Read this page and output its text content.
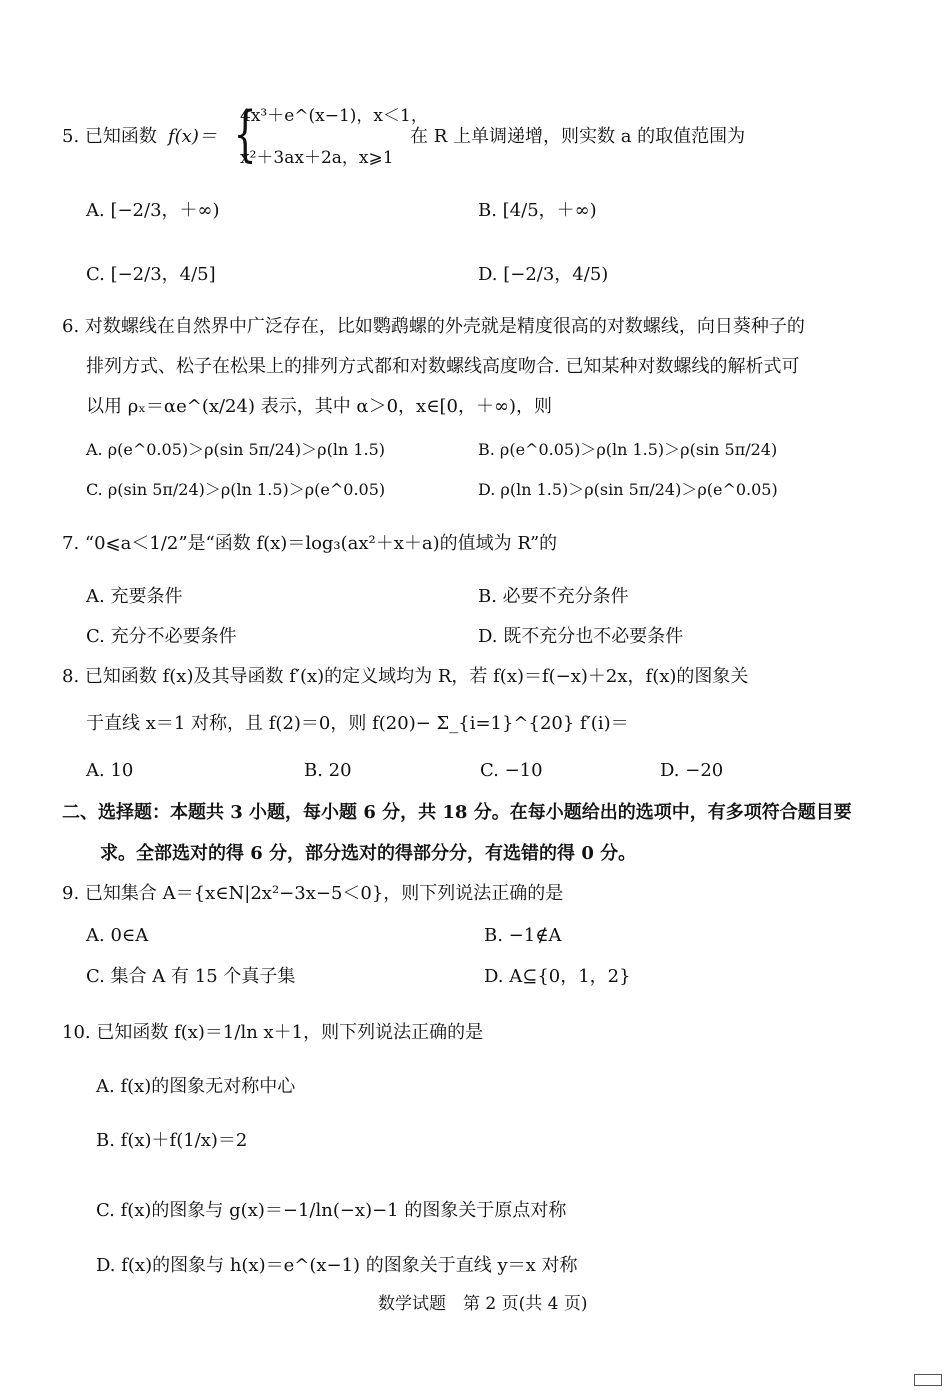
5. 已知函数 f(x)＝ {
4x³＋e^(x−1)，x＜1，
x²＋3ax＋2a，x⩾1
在 R 上单调递增，则实数 a 的取值范围为
A. [−2/3，＋∞)	B. [4/5，＋∞)
C. [−2/3，4/5]	D. [−2/3，4/5)
6. 对数螺线在自然界中广泛存在，比如鹦鹉螺的外壳就是精度很高的对数螺线，向日葵种子的
排列方式、松子在松果上的排列方式都和对数螺线高度吻合. 已知某种对数螺线的解析式可
以用 ρₓ＝αe^(x/24) 表示，其中 α＞0，x∈[0，＋∞)，则
A. ρ(e^0.05)＞ρ(sin 5π/24)＞ρ(ln 1.5)	B. ρ(e^0.05)＞ρ(ln 1.5)＞ρ(sin 5π/24)
C. ρ(sin 5π/24)＞ρ(ln 1.5)＞ρ(e^0.05)	D. ρ(ln 1.5)＞ρ(sin 5π/24)＞ρ(e^0.05)
7. “0⩽a＜1/2”是“函数 f(x)＝log₃(ax²＋x＋a)的值域为 R”的
A. 充要条件	B. 必要不充分条件
C. 充分不必要条件	D. 既不充分也不必要条件
8. 已知函数 f(x)及其导函数 f′(x)的定义域均为 R，若 f(x)＝f(−x)＋2x，f(x)的图象关
于直线 x＝1 对称，且 f(2)＝0，则 f(20)− Σ_{i=1}^{20} f′(i)＝
A. 10	B. 20	C. −10	D. −20
二、选择题：本题共 3 小题，每小题 6 分，共 18 分。在每小题给出的选项中，有多项符合题目要
求。全部选对的得 6 分，部分选对的得部分分，有选错的得 0 分。
9. 已知集合 A＝{x∈N|2x²−3x−5＜0}，则下列说法正确的是
A. 0∈A	B. −1∉A
C. 集合 A 有 15 个真子集	D. A⊆{0，1，2}
10. 已知函数 f(x)＝1/ln x＋1，则下列说法正确的是
A. f(x)的图象无对称中心
B. f(x)＋f(1/x)＝2
C. f(x)的图象与 g(x)＝−1/ln(−x)−1 的图象关于原点对称
D. f(x)的图象与 h(x)＝e^(x−1) 的图象关于直线 y＝x 对称
数学试题　第 2 页(共 4 页)
